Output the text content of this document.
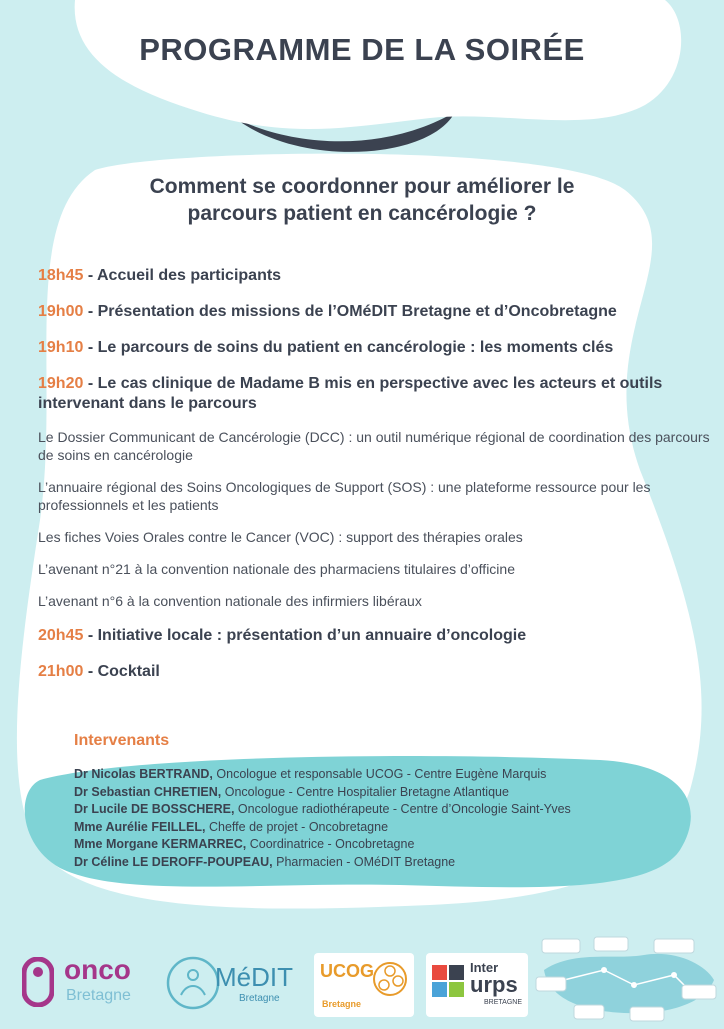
PROGRAMME DE LA SOIRÉE
Comment se coordonner pour améliorer le
parcours patient en cancérologie ?
18h45 - Accueil des participants
19h00 - Présentation des missions de l’OMéDIT Bretagne et d’Oncobretagne
19h10 - Le parcours de soins du patient en cancérologie : les moments clés
19h20 - Le cas clinique de Madame B mis en perspective avec les acteurs et outils intervenant dans le parcours
Le Dossier Communicant de Cancérologie (DCC) : un outil numérique régional de coordination des parcours de soins en cancérologie
L’annuaire régional des Soins Oncologiques de Support (SOS) : une plateforme ressource pour les professionnels et les patients
Les fiches Voies Orales contre le Cancer (VOC) : support des thérapies orales
L’avenant n°21 à la convention nationale des pharmaciens titulaires d’officine
L’avenant n°6 à la convention nationale des infirmiers libéraux
20h45 - Initiative locale : présentation d’un annuaire d’oncologie
21h00 - Cocktail
Intervenants
Dr Nicolas BERTRAND, Oncologue et responsable UCOG - Centre Eugène Marquis
Dr Sebastian CHRETIEN, Oncologue - Centre Hospitalier Bretagne Atlantique
Dr Lucile DE BOSSCHERE, Oncologue radiothérapeute - Centre d’Oncologie Saint-Yves
Mme Aurélie FEILLEL, Cheffe de projet - Oncobretagne
Mme Morgane KERMARREC, Coordinatrice - Oncobretagne
Dr Céline LE DEROFF-POUPEAU, Pharmacien - OMéDIT Bretagne
onco
Bretagne
MéDIT
Bretagne
UCOG
Bretagne
Inter
urps
BRETAGNE
